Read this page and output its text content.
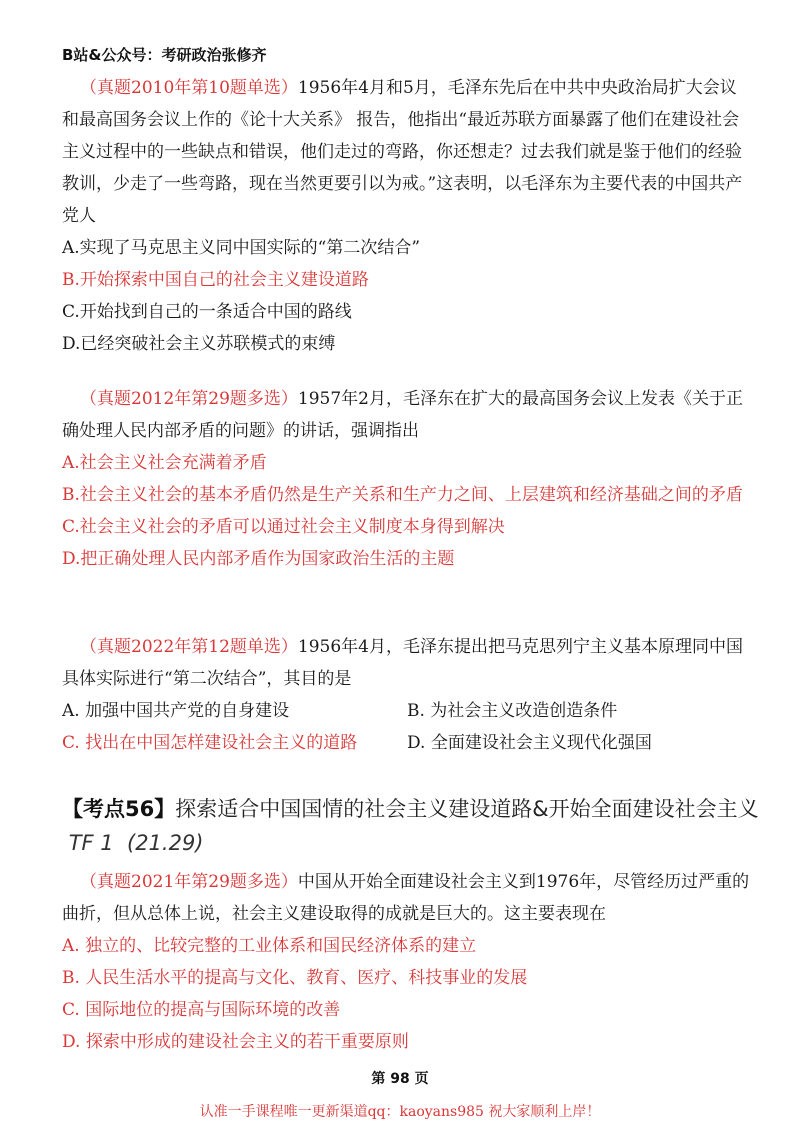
B站&公众号：考研政治张修齐

（真题2010年第10题单选）1956年4月和5月，毛泽东先后在中共中央政治局扩大会议和最高国务会议上作的《论十大关系》 报告，他指出“最近苏联方面暴露了他们在建设社会主义过程中的一些缺点和错误，他们走过的弯路，你还想走？过去我们就是鉴于他们的经验教训，少走了一些弯路，现在当然更要引以为戒。”这表明，以毛泽东为主要代表的中国共产党人

A.实现了马克思主义同中国实际的“第二次结合”

B.开始探索中国自己的社会主义建设道路

C.开始找到自己的一条适合中国的路线

D.已经突破社会主义苏联模式的束缚

（真题2012年第29题多选）1957年2月，毛泽东在扩大的最高国务会议上发表《关于正确处理人民内部矛盾的问题》的讲话，强调指出

A.社会主义社会充满着矛盾

B.社会主义社会的基本矛盾仍然是生产关系和生产力之间、上层建筑和经济基础之间的矛盾

C.社会主义社会的矛盾可以通过社会主义制度本身得到解决

D.把正确处理人民内部矛盾作为国家政治生活的主题

（真题2022年第12题单选）1956年4月，毛泽东提出把马克思列宁主义基本原理同中国具体实际进行“第二次结合”，其目的是

A. 加强中国共产党的自身建设	B. 为社会主义改造创造条件
C. 找出在中国怎样建设社会主义的道路	D. 全面建设社会主义现代化强国
【考点56】探索适合中国国情的社会主义建设道路&开始全面建设社会主义  TF 1 (21.29)

（真题2021年第29题多选）中国从开始全面建设社会主义到1976年，尽管经历过严重的曲折，但从总体上说，社会主义建设取得的成就是巨大的。这主要表现在

A. 独立的、比较完整的工业体系和国民经济体系的建立

B. 人民生活水平的提高与文化、教育、医疗、科技事业的发展

C. 国际地位的提高与国际环境的改善

D. 探索中形成的建设社会主义的若干重要原则

第 98 页
认准一手课程唯一更新渠道qq：kaoyans985 祝大家顺利上岸！
